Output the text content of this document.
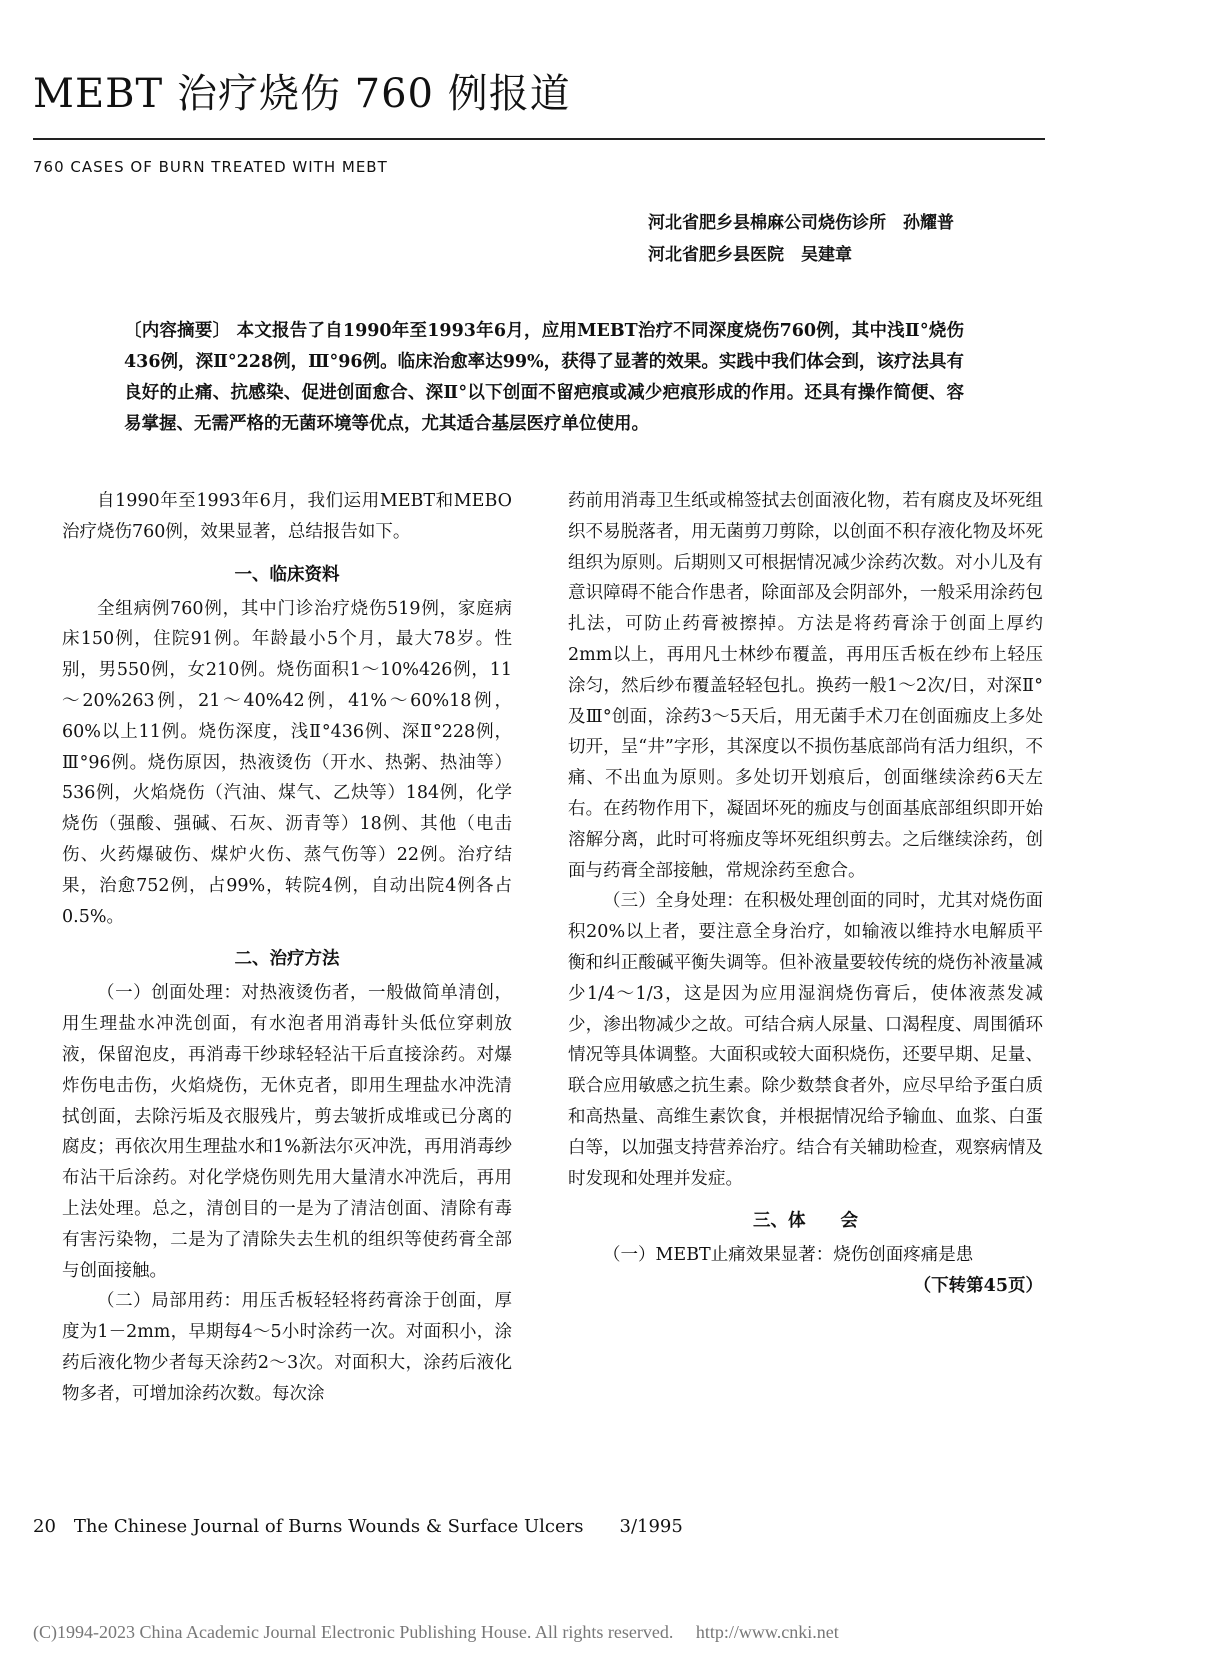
MEBT 治疗烧伤 760 例报道
760 CASES OF BURN TREATED WITH MEBT
河北省肥乡县棉麻公司烧伤诊所　孙耀普
河北省肥乡县医院　吴建章
〔内容摘要〕 本文报告了自1990年至1993年6月，应用MEBT治疗不同深度烧伤760例，其中浅Ⅱ°烧伤436例，深Ⅱ°228例，Ⅲ°96例。临床治愈率达99%，获得了显著的效果。实践中我们体会到，该疗法具有良好的止痛、抗感染、促进创面愈合、深Ⅱ°以下创面不留疤痕或减少疤痕形成的作用。还具有操作简便、容易掌握、无需严格的无菌环境等优点，尤其适合基层医疗单位使用。

自1990年至1993年6月，我们运用MEBT和MEBO治疗烧伤760例，效果显著，总结报告如下。

一、临床资料

全组病例760例，其中门诊治疗烧伤519例，家庭病床150例，住院91例。年龄最小5个月，最大78岁。性别，男550例，女210例。烧伤面积1～10%426例，11～20%263例，21～40%42例，41%～60%18例，60%以上11例。烧伤深度，浅Ⅱ°436例、深Ⅱ°228例，Ⅲ°96例。烧伤原因，热液烫伤（开水、热粥、热油等）536例，火焰烧伤（汽油、煤气、乙炔等）184例，化学烧伤（强酸、强碱、石灰、沥青等）18例、其他（电击伤、火药爆破伤、煤炉火伤、蒸气伤等）22例。治疗结果，治愈752例，占99%，转院4例，自动出院4例各占0.5%。

二、治疗方法

（一）创面处理：对热液烫伤者，一般做简单清创，用生理盐水冲洗创面，有水泡者用消毒针头低位穿刺放液，保留泡皮，再消毒干纱球轻轻沾干后直接涂药。对爆炸伤电击伤，火焰烧伤，无休克者，即用生理盐水冲洗清拭创面，去除污垢及衣服残片，剪去皱折成堆或已分离的腐皮；再依次用生理盐水和1%新法尔灭冲洗，再用消毒纱布沾干后涂药。对化学烧伤则先用大量清水冲洗后，再用上法处理。总之，清创目的一是为了清洁创面、清除有毒有害污染物，二是为了清除失去生机的组织等使药膏全部与创面接触。

（二）局部用药：用压舌板轻轻将药膏涂于创面，厚度为1－2mm，早期每4～5小时涂药一次。对面积小，涂药后液化物少者每天涂药2～3次。对面积大，涂药后液化物多者，可增加涂药次数。每次涂

药前用消毒卫生纸或棉签拭去创面液化物，若有腐皮及坏死组织不易脱落者，用无菌剪刀剪除，以创面不积存液化物及坏死组织为原则。后期则又可根据情况减少涂药次数。对小儿及有意识障碍不能合作患者，除面部及会阴部外，一般采用涂药包扎法，可防止药膏被擦掉。方法是将药膏涂于创面上厚约2mm以上，再用凡士林纱布覆盖，再用压舌板在纱布上轻压涂匀，然后纱布覆盖轻轻包扎。换药一般1～2次/日，对深Ⅱ°及Ⅲ°创面，涂药3～5天后，用无菌手术刀在创面痂皮上多处切开，呈“井”字形，其深度以不损伤基底部尚有活力组织，不痛、不出血为原则。多处切开划痕后，创面继续涂药6天左右。在药物作用下，凝固坏死的痂皮与创面基底部组织即开始溶解分离，此时可将痂皮等坏死组织剪去。之后继续涂药，创面与药膏全部接触，常规涂药至愈合。

（三）全身处理：在积极处理创面的同时，尤其对烧伤面积20%以上者，要注意全身治疗，如输液以维持水电解质平衡和纠正酸碱平衡失调等。但补液量要较传统的烧伤补液量减少1/4～1/3，这是因为应用湿润烧伤膏后，使体液蒸发减少，渗出物减少之故。可结合病人尿量、口渴程度、周围循环情况等具体调整。大面积或较大面积烧伤，还要早期、足量、联合应用敏感之抗生素。除少数禁食者外，应尽早给予蛋白质和高热量、高维生素饮食，并根据情况给予输血、血浆、白蛋白等，以加强支持营养治疗。结合有关辅助检查，观察病情及时发现和处理并发症。

三、体　　会

（一）MEBT止痛效果显著：烧伤创面疼痛是患

（下转第45页）

20　The Chinese Journal of Burns Wounds & Surface Ulcers　　3/1995
(C)1994-2023 China Academic Journal Electronic Publishing House. All rights reserved.　 http://www.cnki.net
